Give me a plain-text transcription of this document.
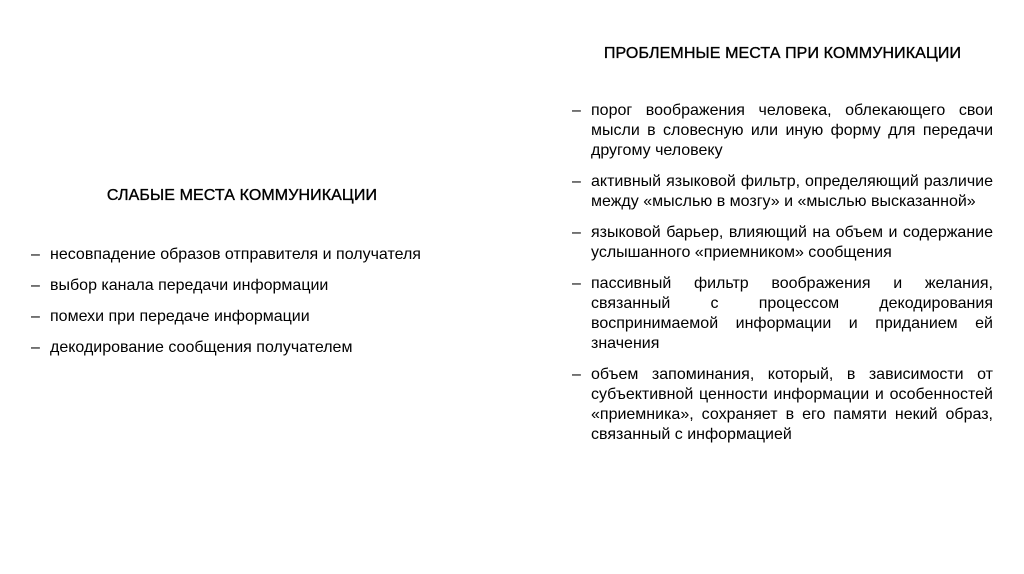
СЛАБЫЕ МЕСТА КОММУНИКАЦИИ
– несовпадение образов отправителя и получателя
– выбор канала передачи информации
– помехи при передаче информации
– декодирование сообщения получателем
ПРОБЛЕМНЫЕ МЕСТА ПРИ КОММУНИКАЦИИ
– порог воображения человека, облекающего свои мысли в словесную или иную форму для передачи другому человеку
– активный языковой фильтр, определяющий различие между «мыслью в мозгу» и «мыслью высказанной»
– языковой барьер, влияющий на объем и содержание услышанного «приемником» сообщения
– пассивный фильтр воображения и желания, связанный с процессом декодирования воспринимаемой информации и приданием ей значения
– объем запоминания, который, в зависимости от субъективной ценности информации и особенностей «приемника», сохраняет в его памяти некий образ, связанный с информацией
